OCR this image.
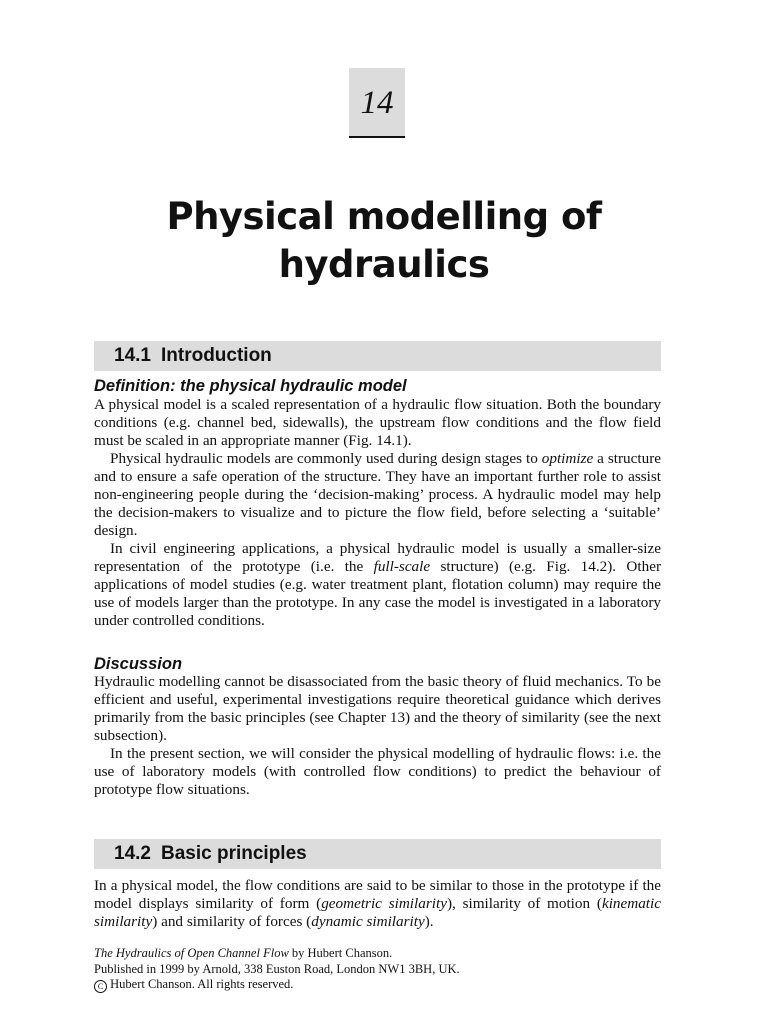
14
Physical modelling of
hydraulics
14.1 Introduction
Definition: the physical hydraulic model

A physical model is a scaled representation of a hydraulic flow situation. Both the boundary conditions (e.g. channel bed, sidewalls), the upstream flow conditions and the flow field must be scaled in an appropriate manner (Fig. 14.1).

Physical hydraulic models are commonly used during design stages to optimize a structure and to ensure a safe operation of the structure. They have an important further role to assist non-engineering people during the ‘decision-making’ process. A hydraulic model may help the decision-makers to visualize and to picture the flow field, before selecting a ‘suitable’ design.

In civil engineering applications, a physical hydraulic model is usually a smaller-size representation of the prototype (i.e. the full-scale structure) (e.g. Fig. 14.2). Other applications of model studies (e.g. water treatment plant, flotation column) may require the use of models larger than the prototype. In any case the model is investigated in a laboratory under controlled conditions.

Discussion

Hydraulic modelling cannot be disassociated from the basic theory of fluid mechanics. To be efficient and useful, experimental investigations require theoretical guidance which derives primarily from the basic principles (see Chapter 13) and the theory of similarity (see the next subsection).

In the present section, we will consider the physical modelling of hydraulic flows: i.e. the use of laboratory models (with controlled flow conditions) to predict the behaviour of prototype flow situations.

14.2 Basic principles

In a physical model, the flow conditions are said to be similar to those in the prototype if the model displays similarity of form (geometric similarity), similarity of motion (kinematic similarity) and similarity of forces (dynamic similarity).

The Hydraulics of Open Channel Flow by Hubert Chanson.
Published in 1999 by Arnold, 338 Euston Road, London NW1 3BH, UK.
C Hubert Chanson. All rights reserved.
